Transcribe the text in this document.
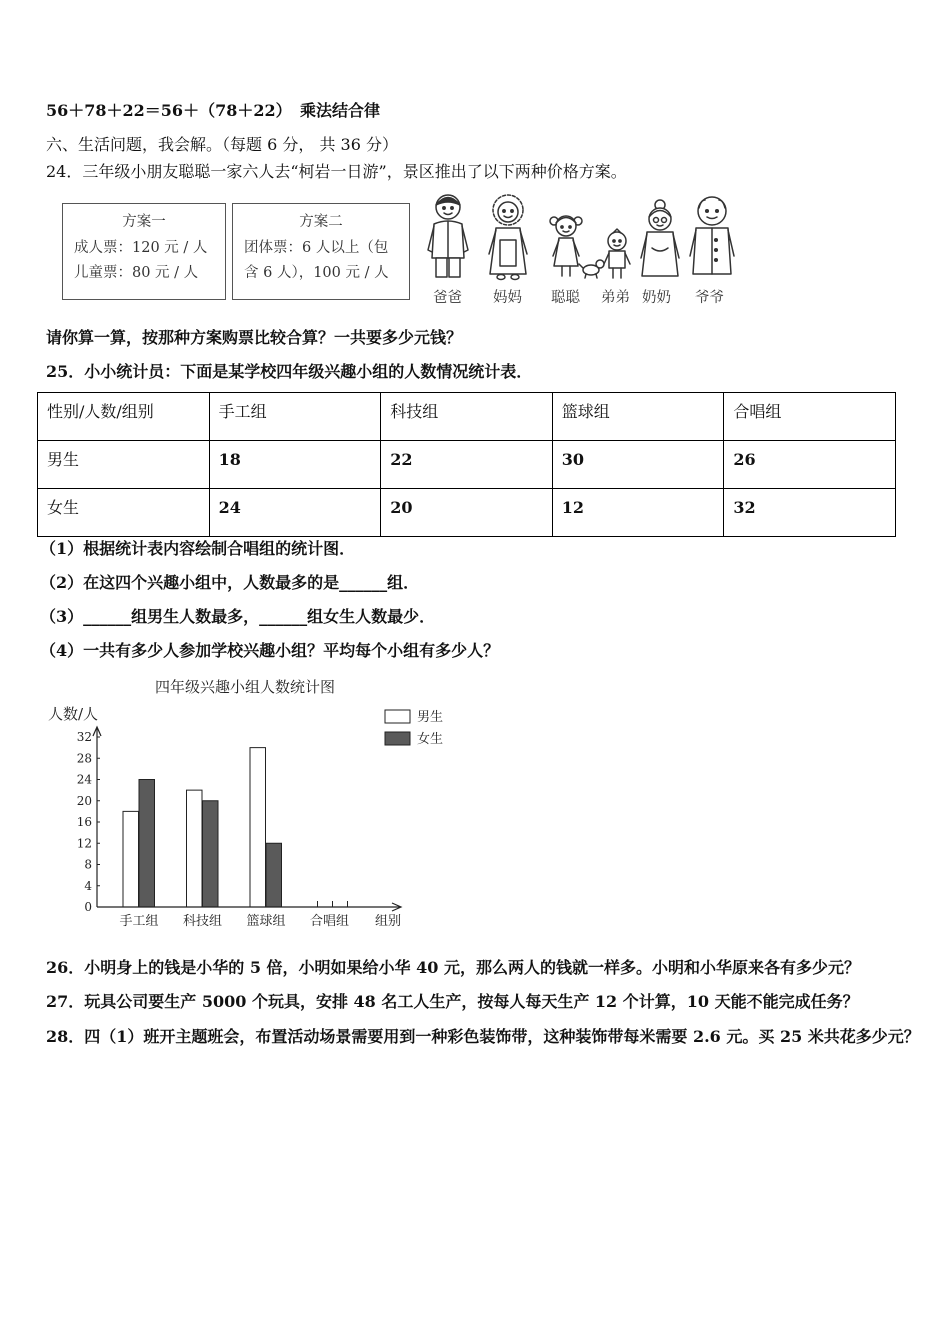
56＋78＋22＝56＋（78＋22） 乘法结合律
六、生活问题，我会解。（每题 6 分， 共 36 分）
24．三年级小朋友聪聪一家六人去“柯岩一日游”，景区推出了以下两种价格方案。
方案一
成人票：120 元 / 人
儿童票：80 元 / 人
方案二
团体票：6 人以上（包
含 6 人），100 元 / 人
爸爸 妈妈 聪聪 弟弟 奶奶 爷爷
请你算一算，按那种方案购票比较合算？一共要多少元钱？
25．小小统计员：下面是某学校四年级兴趣小组的人数情况统计表．
性别/人数/组别	手工组	科技组	篮球组	合唱组
男生	18	22	30	26
女生	24	20	12	32
（1）根据统计表内容绘制合唱组的统计图．
（2）在这四个兴趣小组中，人数最多的是______组．
（3）______组男生人数最多，______组女生人数最少．
（4）一共有多少人参加学校兴趣小组？平均每个小组有多少人？
四年级兴趣小组人数统计图
人数/人	男生
女生
0
4
8
12
16
20
24
28
32
手工组 科技组 篮球组 合唱组 组别
26．小明身上的钱是小华的 5 倍，小明如果给小华 40 元，那么两人的钱就一样多。小明和小华原来各有多少元？
27．玩具公司要生产 5000 个玩具，安排 48 名工人生产，按每人每天生产 12 个计算，10 天能不能完成任务？
28．四（1）班开主题班会，布置活动场景需要用到一种彩色装饰带，这种装饰带每米需要 2.6 元。买 25 米共花多少元？
